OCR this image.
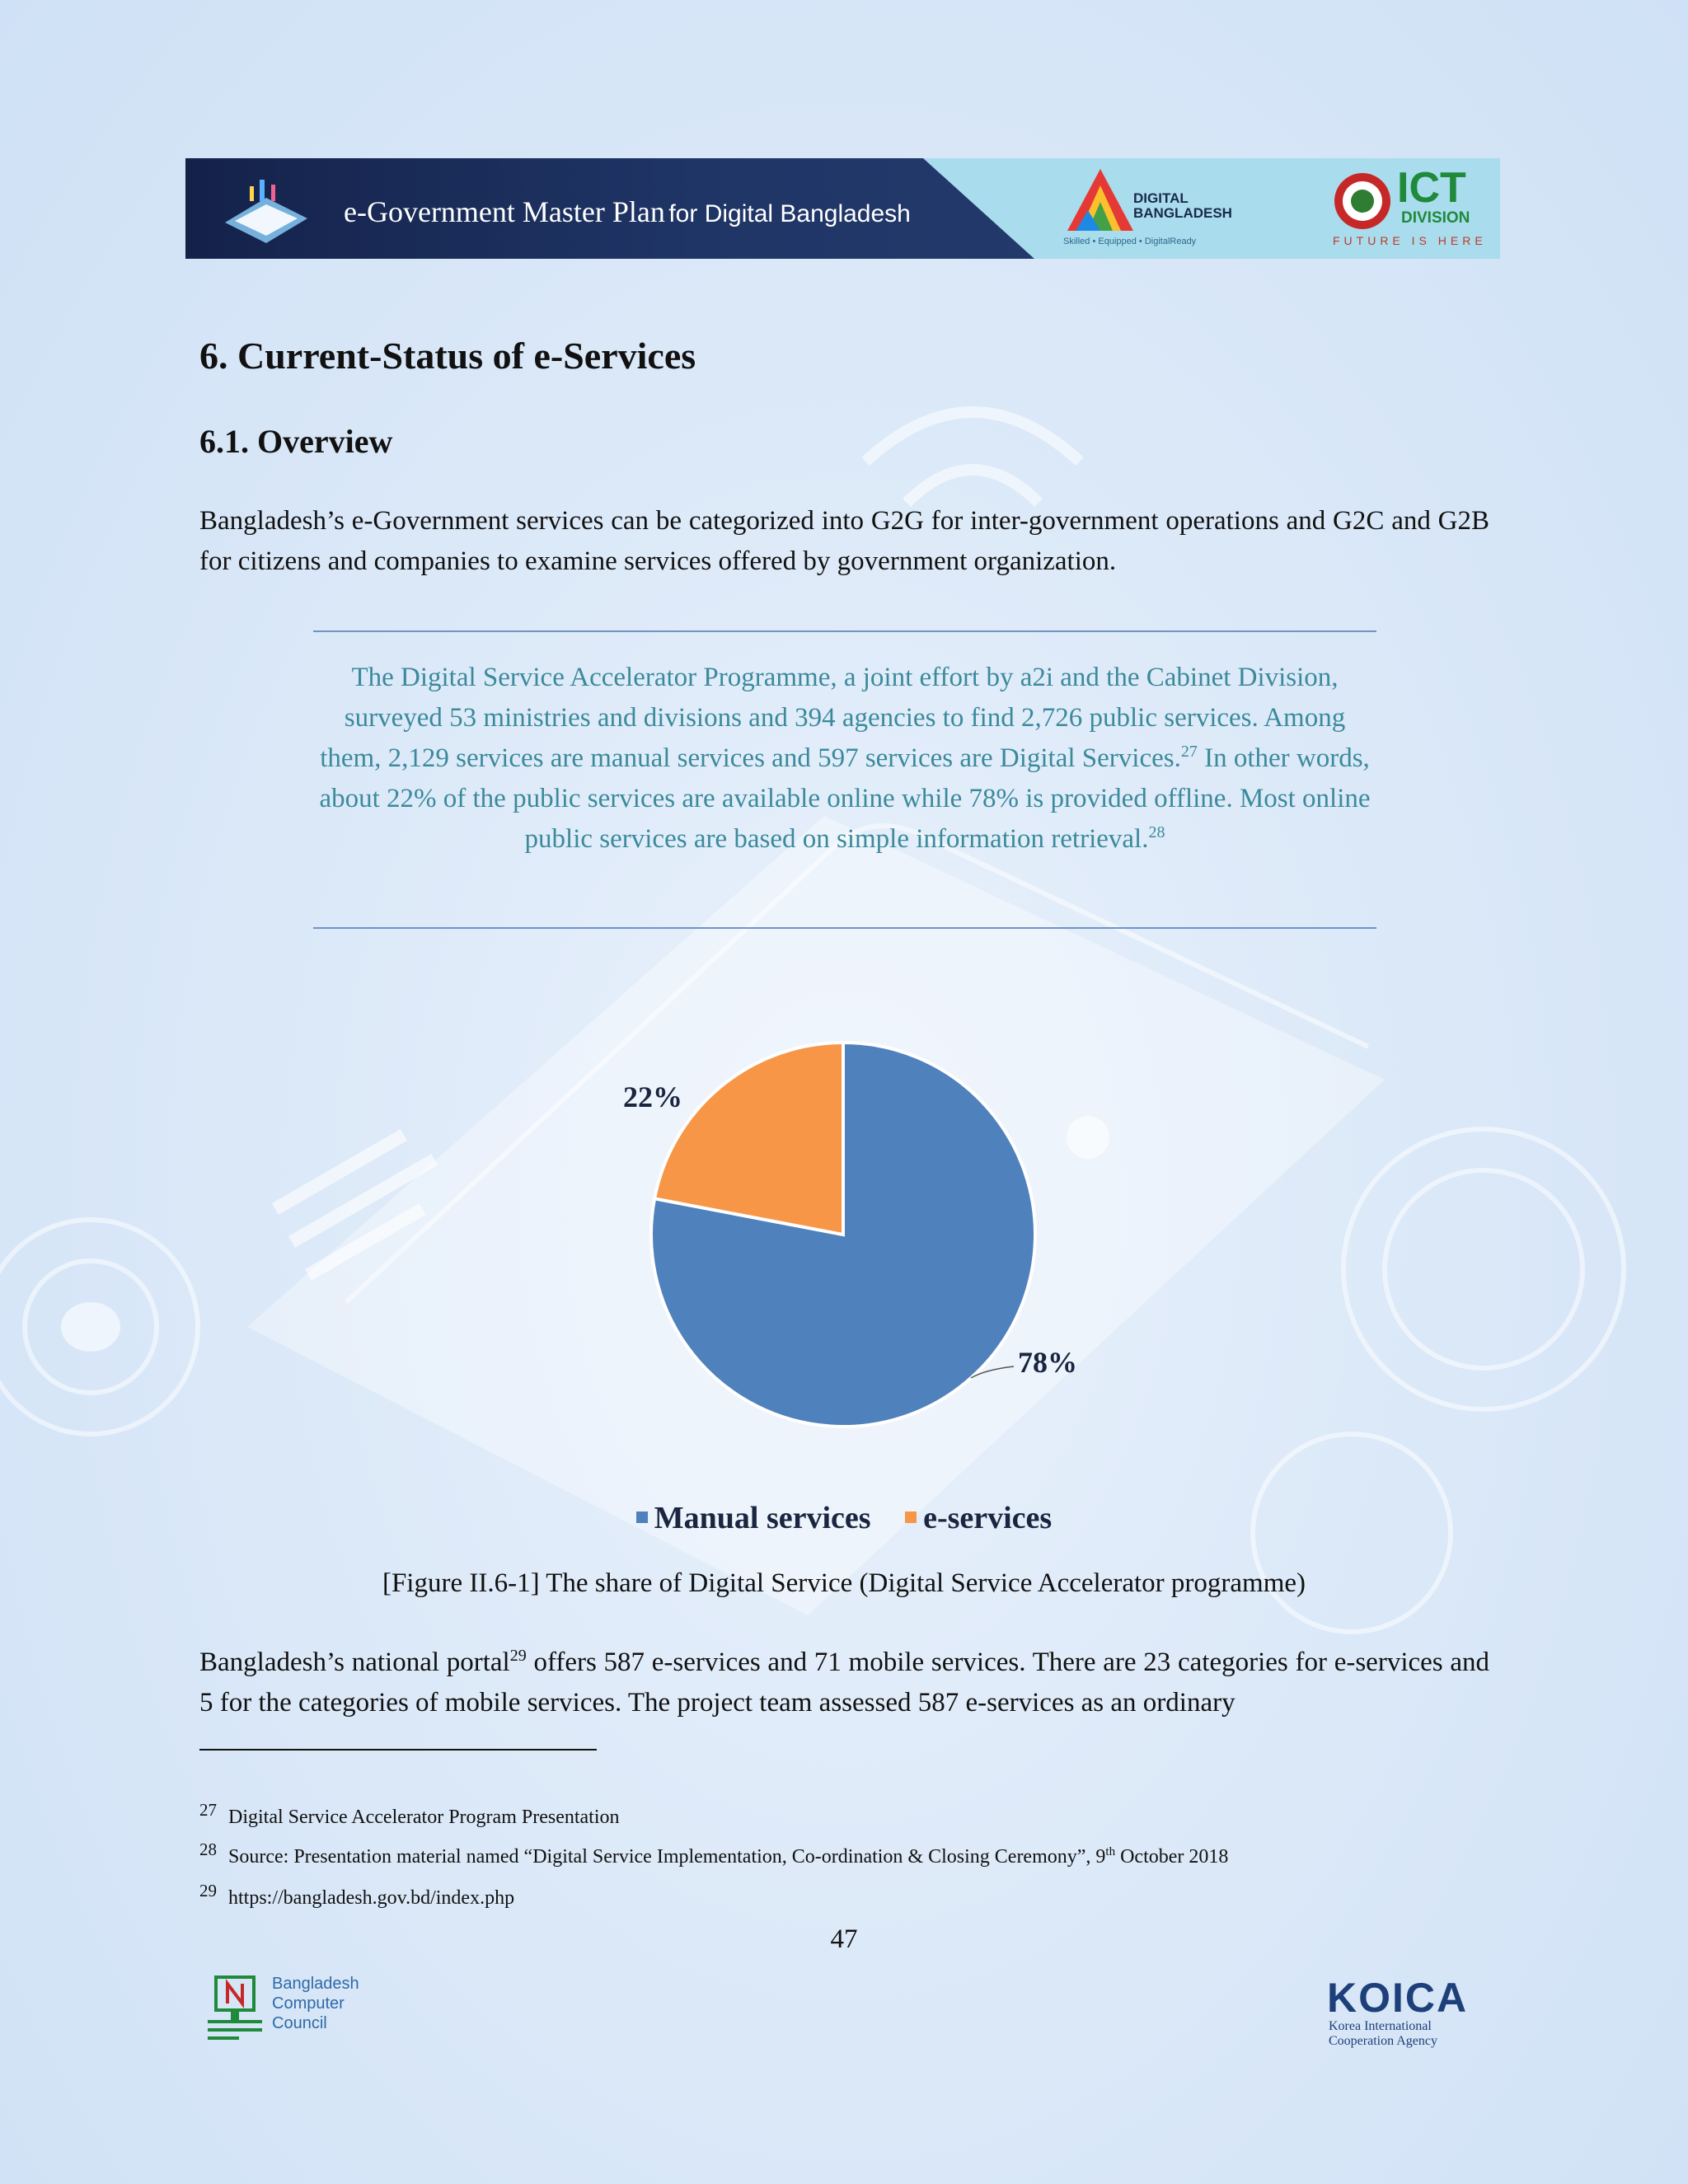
e-Government Master Plan for Digital Bangladesh
DIGITAL
BANGLADESH
Skilled • Equipped • DigitalReady
ICT
DIVISION
FUTURE IS HERE
6. Current-Status of e-Services
6.1. Overview
Bangladesh’s e-Government services can be categorized into G2G for inter-government operations and G2C and G2B for citizens and companies to examine services offered by government organization.
The Digital Service Accelerator Programme, a joint effort by a2i and the Cabinet Division, surveyed 53 ministries and divisions and 394 agencies to find 2,726 public services. Among them, 2,129 services are manual services and 597 services are Digital Services.$^{27}$ In other words, about 22% of the public services are available online while 78% is provided offline. Most online public services are based on simple information retrieval.$^{28}$
78%
22%
Manual services e-services
[Figure II.6-1] The share of Digital Service (Digital Service Accelerator programme)
Bangladesh’s national portal$^{29}$ offers 587 e-services and 71 mobile services. There are 23 categories for e-services and 5 for the categories of mobile services. The project team assessed 587 e-services as an ordinary
$^{27}$ Digital Service Accelerator Program Presentation
$^{28}$ Source: Presentation material named “Digital Service Implementation, Co-ordination & Closing Ceremony”, 9th October 2018
$^{29}$ https://bangladesh.gov.bd/index.php
47
Bangladesh
Computer
Council
KOICA
Korea International
Cooperation Agency
